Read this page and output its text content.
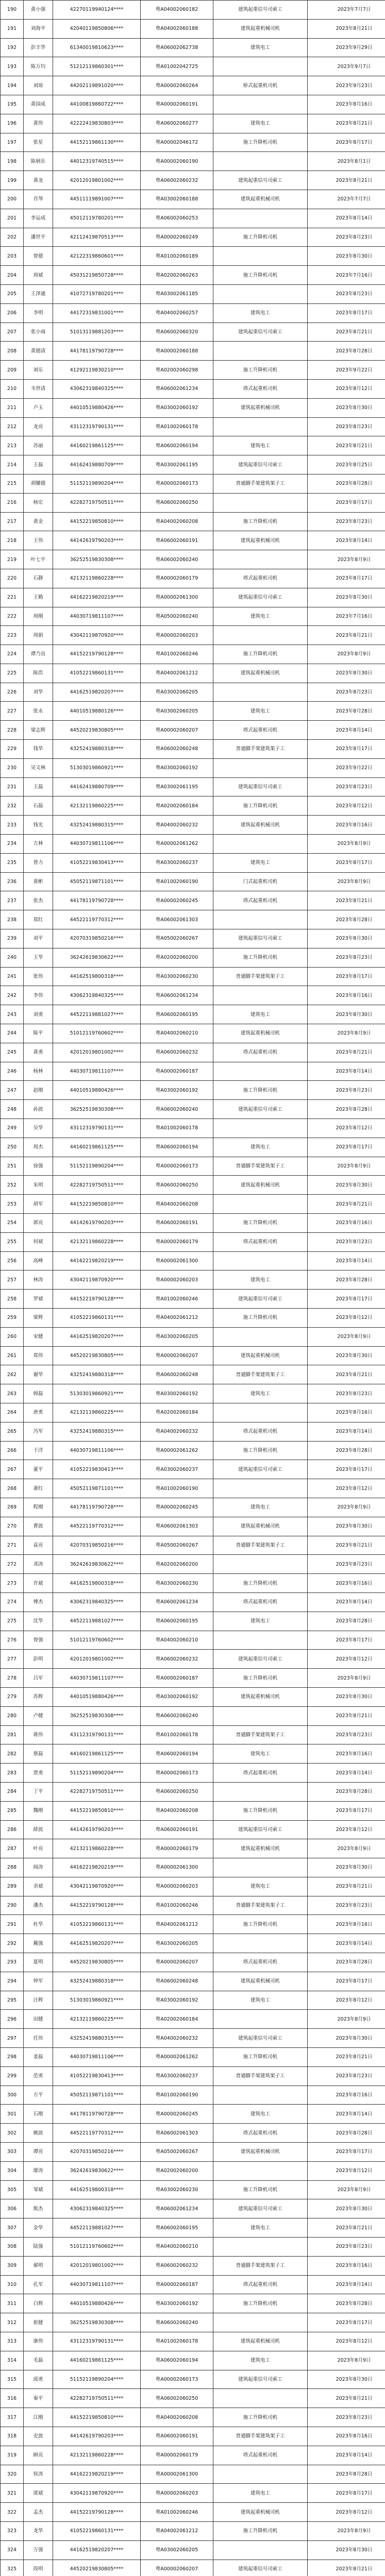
190	黄小强	42270119940124****	粤A04002060182	建筑起重信号司索工	2023年7月7日
191	刘海平	42040119850806****	粤A04002060188	建筑起重机械司机	2023年8月21日
192	彭丰华	61340019810623****	粤A06002062738	建筑电工	2023年9月29日
193	陈万均	51212119860301****	粤A01002042725		2023年9月7日
194	刘琼	44202119891020****	粤A00002060264	桥式起重机司机	2023年9月23日
195	黄国成	44100819860722****	粤A00002060191		2023年8月16日
196	黄伟	42222419830803****	粤A06002060277	建筑电工	2023年8月21日
197	张星	44152119861130****	粤A00002046172	施工升降机司机	2023年8月17日
198	陈炳乐	44012319740515****	粤A00002060190		2023年8月1日
199	黄龙	42012019801002****	粤A06002060232	建筑起重信号司索工	2023年8月21日
200	肖琴	44511119891007****	粤A03002060188	建筑起重机械司机	2023年7月7日
201	李运成	45012119780201****	粤A06002060253		2023年8月14日
202	潘世平	42112419870513****	粤A00002060249	施工升降机司机	2023年8月23日
203	曾德	42122319860601****	粤A01002060189		2023年8月30日
204	周斌	45031219850728****	粤A02002060263	施工升降机司机	2023年7月16日
205	王泽通	41072719780201****	粤A03002061185		2023年8月23日
206	李明	44172319831001****	粤A04002060257	建筑电工	2023年8月17日
207	张小雨	51013119881203****	粤A06002060320	建筑起重信号司索工	2023年8月21日
208	黄德清	44178119790728****	粤A00002060188		2023年8月28日
209	刘乐	41292119830210****	粤A02002060298	施工升降机司机	2023年9月22日
210	韦世清	43062319840325****	粤A06002061234	塔式起重机司机	2023年8月12日
211	卢玉	44010519880426****	粤A03002060192	建筑起重机械司机	2023年8月30日
212	龙亮	43112319790131****	粤A01002060178		2023年8月23日
213	苏丽	44160219861125****	粤A06002060194	建筑电工	2023年8月21日
214	王磊	44162419880709****	粤A03002061195	建筑起重信号司索工	2023年8月25日
215	胡耀德	51152119890204****	粤A00002060173	普通脚手架建筑架子工	2023年8月28日
216	杨宏	42282719750511****	粤A06002060250		2023年8月17日
217	黄金	44152219850810****	粤A04002060208	施工升降机司机	2023年8月23日
218	王伟	44142619790203****	粤A06002060191	建筑起重机械司机	2023年8月14日
219	叶七平	36252519830308****	粤A06002060240		2023年8月9日
220	石静	42132119860228****	粤A00002060179	塔式起重机司机	2023年8月17日
221	王勤	44162219820219****	粤A00002061300	建筑起重信号司索工	2023年8月30日
222	周刚	44030719811107****	粤A05002060240	建筑电工	2023年7月16日
223	周娟	43042119870920****	粤A00002060203		2023年8月21日
224	谭乃良	44152219790128****	粤A01002060246	施工升降机司机	2023年8月9日
225	陈浩	41052219860131****	粤A04002061212	建筑起重机械司机	2023年8月30日
226	刘华	44162519820207****	粤A03002060205		2023年8月23日
227	张永	44010519880126****	粤A03002060205	建筑电工	2023年8月28日
228	梁志辉	44520219830805****	粤A00002060207	塔式起重机司机	2023年8月14日
229	钱华	43252419880318****	粤A06002060248	普通脚手架建筑架子工	2023年8月17日
230	吴文林	51303019860921****	粤A03002060192		2023年9月22日
231	王磊	44162419880709****	粤A03002061195	建筑起重信号司索工	2023年8月23日
232	石磊	42132119860225****	粤A02002060184	施工升降机司机	2023年8月12日
233	钱光	43252419880315****	粤A04002060232	建筑起重机械司机	2023年8月16日
234	方林	44030719811106****	粤A00002061262		2023年8月9日
235	曾力	41052219830413****	粤A03002060237	建筑电工	2023年8月17日
236	黄彬	45052119871101****	粤A01002060190	门式起重机司机	2023年8月9日
237	张杰	44178119790728****	粤A00002060245	塔式起重机司机	2023年8月21日
238	郑红	44522119770312****	粤A06002061303		2023年8月28日
239	刘平	42070319850216****	粤A05002060267	建筑起重信号司索工	2023年8月30日
240	王华	36242619830622****	粤A02002060200	施工升降机司机	2023年8月23日
241	张伟	44162519800318****	粤A03002060230	普通脚手架建筑架子工	2023年8月17日
242	李伟	43062319840325****	粤A06002061234		2023年8月16日
243	刘勇	44522119881027****	粤A06002060195	建筑电工	2023年8月30日
244	陈平	51012119760602****	粤A04002060210	建筑起重机械司机	2023年8月9日
245	黄勇	42012019801002****	粤A06002060232	塔式起重机司机	2023年8月21日
246	杨林	44030719811107****	粤A00002060187		2023年8月14日
247	赵刚	44010519880426****	粤A03002060192	施工升降机司机	2023年8月23日
248	孙波	36252519830308****	粤A06002060240	建筑起重信号司索工	2023年8月28日
249	吴华	43112319790131****	粤A01002060178		2023年8月12日
250	周杰	44160219861125****	粤A06002060194	建筑电工	2023年8月17日
251	徐强	51152119890204****	粤A00002060173	普通脚手架建筑架子工	2023年8月9日
252	朱明	42282719750511****	粤A06002060250	建筑起重机械司机	2023年8月30日
253	胡军	44152219850810****	粤A04002060208		2023年8月21日
254	郭亮	44142619790203****	粤A06002060191	施工升降机司机	2023年8月16日
255	何斌	42132119860228****	粤A00002060179	塔式起重机司机	2023年8月23日
256	高峰	44162219820219****	粤A00002061300		2023年8月14日
257	林涛	43042119870920****	粤A00002060203	建筑电工	2023年8月28日
258	罗斌	44152219790128****	粤A01002060246	建筑起重信号司索工	2023年8月17日
259	梁辉	41052219860131****	粤A04002061212	施工升降机司机	2023年8月12日
260	宋健	44162519820207****	粤A03002060205		2023年8月9日
261	郑伟	44520219830805****	粤A00002060207	建筑起重机械司机	2023年8月30日
262	谢华	43252419880318****	粤A06002060248	普通脚手架建筑架子工	2023年8月21日
263	韩磊	51303019860921****	粤A03002060192	建筑电工	2023年8月23日
264	唐勇	42132119860225****	粤A02002060184		2023年8月16日
265	冯军	43252419880315****	粤A04002060232	塔式起重机司机	2023年8月14日
266	于洋	44030719811106****	粤A00002061262	施工升降机司机	2023年8月28日
267	董平	41052219830413****	粤A03002060237	建筑起重信号司索工	2023年8月17日
268	萧红	45052119871101****	粤A01002060190		2023年8月12日
269	程刚	44178119790728****	粤A00002060245	建筑电工	2023年8月9日
270	曹波	44522119770312****	粤A06002061303	建筑起重机械司机	2023年8月30日
271	袁亮	42070319850216****	粤A05002060267	普通脚手架建筑架子工	2023年8月21日
272	邓涛	36242619830622****	粤A02002060200		2023年8月23日
273	许斌	44162519800318****	粤A03002060230	施工升降机司机	2023年8月16日
274	傅杰	43062319840325****	粤A06002061234	塔式起重机司机	2023年8月14日
275	沈华	44522119881027****	粤A06002060195	建筑电工	2023年8月28日
276	曾强	51012119760602****	粤A04002060210		2023年8月17日
277	彭明	42012019801002****	粤A06002060232	建筑起重信号司索工	2023年8月12日
278	吕军	44030719811107****	粤A00002060187	施工升降机司机	2023年8月9日
279	苏辉	44010519880426****	粤A03002060192	建筑起重机械司机	2023年8月30日
280	卢健	36252519830308****	粤A06002060240		2023年8月21日
281	蒋伟	43112319790131****	粤A01002060178	普通脚手架建筑架子工	2023年8月23日
282	蔡磊	44160219861125****	粤A06002060194	建筑电工	2023年8月16日
283	贾勇	51152119890204****	粤A00002060173	塔式起重机司机	2023年8月14日
284	丁平	42282719750511****	粤A06002060250		2023年8月28日
285	魏刚	44152219850810****	粤A04002060208	施工升降机司机	2023年8月17日
286	薛波	44142619790203****	粤A06002060191	建筑起重信号司索工	2023年8月12日
287	叶亮	42132119860228****	粤A00002060179	建筑起重机械司机	2023年8月9日
288	阎涛	44162219820219****	粤A00002061300		2023年8月30日
289	余斌	43042119870920****	粤A00002060203	建筑电工	2023年8月21日
290	潘杰	44152219790128****	粤A01002060246	普通脚手架建筑架子工	2023年8月23日
291	杜华	41052219860131****	粤A04002061212	施工升降机司机	2023年8月16日
292	戴强	44162519820207****	粤A03002060205		2023年8月14日
293	夏明	44520219830805****	粤A00002060207	塔式起重机司机	2023年8月28日
294	钟军	43252419880318****	粤A06002060248	建筑起重机械司机	2023年8月17日
295	汪辉	51303019860921****	粤A03002060192	建筑电工	2023年8月12日
296	田健	42132119860225****	粤A02002060184		2023年8月9日
297	任伟	43252419880315****	粤A04002060232	建筑起重信号司索工	2023年8月30日
298	姜磊	44030719811106****	粤A00002061262	施工升降机司机	2023年8月21日
299	范勇	41052219830413****	粤A03002060237	普通脚手架建筑架子工	2023年8月23日
300	方平	45052119871101****	粤A01002060190		2023年8月16日
301	石刚	44178119790728****	粤A00002060245	建筑电工	2023年8月14日
302	姚波	44522119770312****	粤A06002061303	塔式起重机司机	2023年8月28日
303	谭亮	42070319850216****	粤A05002060267	建筑起重机械司机	2023年8月17日
304	廖涛	36242619830622****	粤A02002060200		2023年8月12日
305	邹斌	44162519800318****	粤A03002060230	施工升降机司机	2023年8月9日
306	熊杰	43062319840325****	粤A06002061234	建筑起重信号司索工	2023年8月30日
307	金华	44522119881027****	粤A06002060195	建筑电工	2023年8月21日
308	陆强	51012119760602****	粤A04002060210		2023年8月23日
309	郝明	42012019801002****	粤A06002060232	普通脚手架建筑架子工	2023年8月16日
310	孔军	44030719811107****	粤A00002060187	塔式起重机司机	2023年8月14日
311	白辉	44010519880426****	粤A03002060192	施工升降机司机	2023年8月28日
312	崔健	36252519830308****	粤A06002060240		2023年8月17日
313	康伟	43112319790131****	粤A01002060178	建筑起重机械司机	2023年8月12日
314	毛磊	44160219861125****	粤A06002060194	建筑电工	2023年8月9日
315	邱勇	51152119890204****	粤A00002060173	建筑起重信号司索工	2023年8月30日
316	秦平	42282719750511****	粤A06002060250		2023年8月21日
317	江刚	44152219850810****	粤A04002060208	施工升降机司机	2023年8月23日
318	史波	44142619790203****	粤A06002060191	普通脚手架建筑架子工	2023年8月16日
319	顾亮	42132119860228****	粤A00002060179	塔式起重机司机	2023年8月14日
320	侯涛	44162219820219****	粤A00002061300		2023年8月28日
321	邵斌	43042119870920****	粤A00002060203	建筑电工	2023年8月17日
322	孟杰	44152219790128****	粤A01002060246	建筑起重机械司机	2023年8月12日
323	龙华	41052219860131****	粤A04002061212	施工升降机司机	2023年8月9日
324	万强	44162519820207****	粤A03002060205		2023年8月30日
325	段明	44520219830805****	粤A00002060207	建筑起重信号司索工	2023年8月21日
